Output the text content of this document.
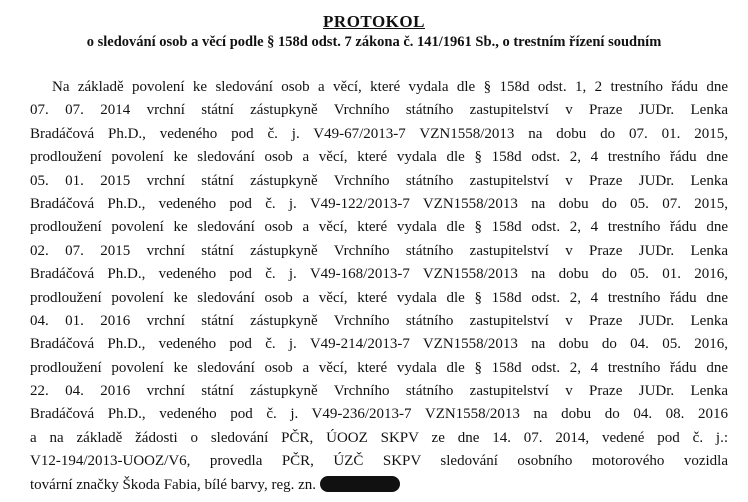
PROTOKOL
o sledování osob a věcí podle § 158d odst. 7 zákona č. 141/1961 Sb., o trestním řízení soudním
Na základě povolení ke sledování osob a věcí, které vydala dle § 158d odst. 1, 2 trestního řádu dne
07. 07. 2014 vrchní státní zástupkyně Vrchního státního zastupitelství v Praze JUDr. Lenka
Bradáčová Ph.D., vedeného pod č. j. V49-67/2013-7 VZN1558/2013 na dobu do 07. 01. 2015,
prodloužení povolení ke sledování osob a věcí, které vydala dle § 158d odst. 2, 4 trestního řádu dne
05. 01. 2015 vrchní státní zástupkyně Vrchního státního zastupitelství v Praze JUDr. Lenka
Bradáčová Ph.D., vedeného pod č. j. V49-122/2013-7 VZN1558/2013 na dobu do 05. 07. 2015,
prodloužení povolení ke sledování osob a věcí, které vydala dle § 158d odst. 2, 4 trestního řádu dne
02. 07. 2015 vrchní státní zástupkyně Vrchního státního zastupitelství v Praze JUDr. Lenka
Bradáčová Ph.D., vedeného pod č. j. V49-168/2013-7 VZN1558/2013 na dobu do 05. 01. 2016,
prodloužení povolení ke sledování osob a věcí, které vydala dle § 158d odst. 2, 4 trestního řádu dne
04. 01. 2016 vrchní státní zástupkyně Vrchního státního zastupitelství v Praze JUDr. Lenka
Bradáčová Ph.D., vedeného pod č. j. V49-214/2013-7 VZN1558/2013 na dobu do 04. 05. 2016,
prodloužení povolení ke sledování osob a věcí, které vydala dle § 158d odst. 2, 4 trestního řádu dne
22. 04. 2016 vrchní státní zástupkyně Vrchního státního zastupitelství v Praze JUDr. Lenka
Bradáčová Ph.D., vedeného pod č. j. V49-236/2013-7 VZN1558/2013 na dobu do 04. 08. 2016
a na základě žádosti o sledování PČR, ÚOOZ SKPV ze dne 14. 07. 2014, vedené pod č. j.:
V12-194/2013-UOOZ/V6, provedla PČR, ÚZČ SKPV sledování osobního motorového vozidla
tovární značky Škoda Fabia, bílé barvy, reg. zn.
